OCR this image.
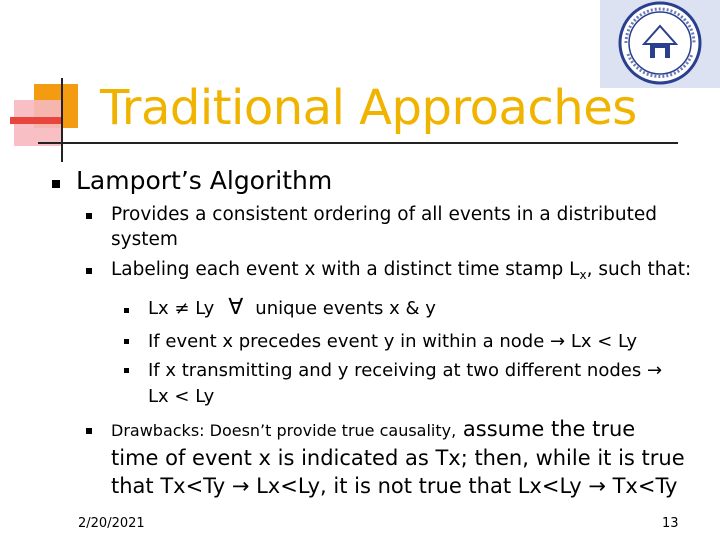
Traditional Approaches
Lamport’s Algorithm
Provides a consistent ordering of all events in a distributed
system
Labeling each event x with a distinct time stamp $L_x$, such that:
Lx ≠ Ly ∀ unique events x & y
If event x precedes event y in within a node → Lx < Ly
If x transmitting and y receiving at two different nodes →
Lx < Ly
Drawbacks: Doesn’t provide true causality, assume the true
time of event x is indicated as Tx; then, while it is true
that Tx<Ty → Lx<Ly, it is not true that Lx<Ly → Tx<Ty
2/20/2021	13
